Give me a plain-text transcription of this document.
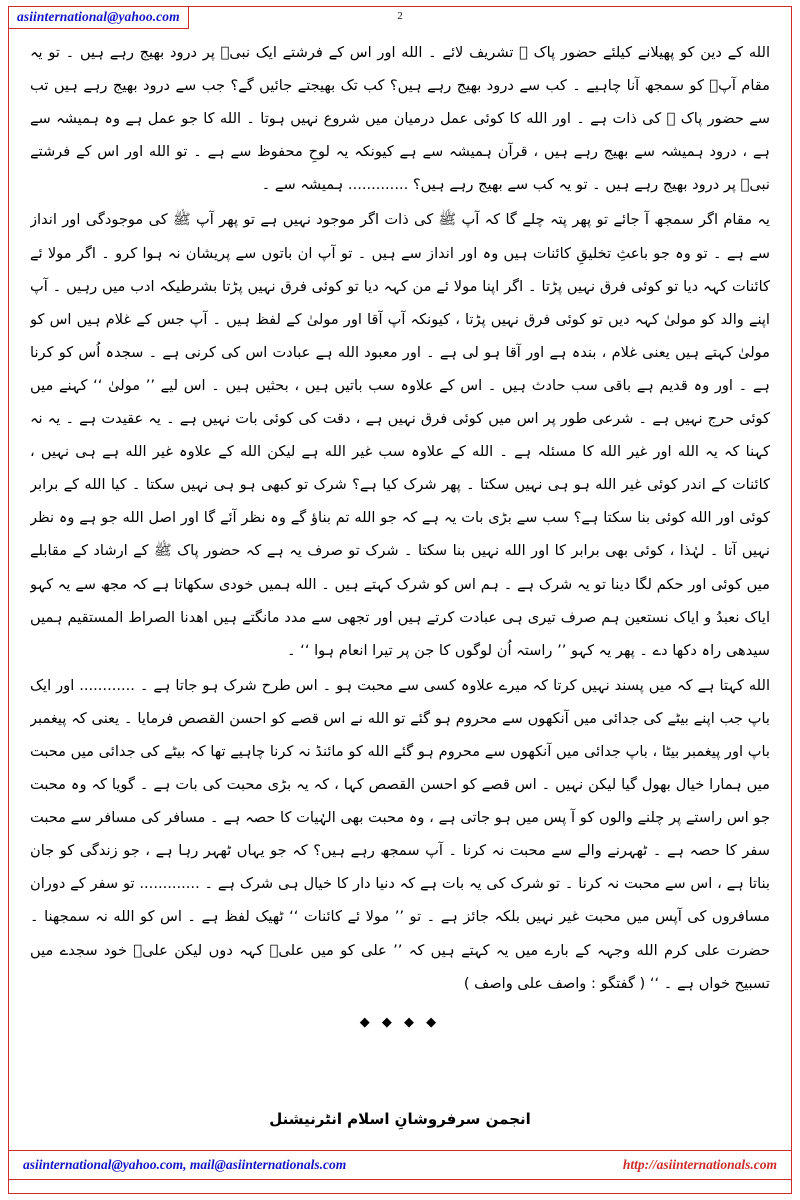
asiinternational@yahoo.com	2

الله کے دین کو پھیلانے کیلئے حضور پاک ﷺ تشریف لائے ۔ الله اور اس کے فرشتے ایک نبیؐ پر درود بھیج رہے ہیں ۔ تو یہ مقام آپؐ کو سمجھ آنا چاہیے ۔ کب سے درود بھیج رہے ہیں؟ کب تک بھیجتے جائیں گے؟ جب سے درود بھیج رہے ہیں تب سے حضور پاک ﷺ کی ذات ہے ۔ اور الله کا کوئی عمل درمیان میں شروع نہیں ہوتا ۔ الله کا جو عمل ہے وہ ہمیشہ سے ہے ، درود ہمیشہ سے بھیج رہے ہیں ، قرآن ہمیشہ سے ہے کیونکہ یہ لوحِ محفوظ سے ہے ۔ تو الله اور اس کے فرشتے نبیؐ پر درود بھیج رہے ہیں ۔ تو یہ کب سے بھیج رہے ہیں؟ ............. ہمیشہ سے ۔

یہ مقام اگر سمجھ آ جائے تو پھر پتہ چلے گا کہ آپ ﷺ کی ذات اگر موجود نہیں ہے تو پھر آپ ﷺ کی موجودگی اور انداز سے ہے ۔ تو وہ جو باعثِ تخلیقِ کائنات ہیں وہ اور انداز سے ہیں ۔ تو آپ ان باتوں سے پریشان نہ ہوا کرو ۔ اگر مولا ئے کائنات کہہ دیا تو کوئی فرق نہیں پڑتا ۔ اگر اپنا مولا ئے من کہہ دیا تو کوئی فرق نہیں پڑتا بشرطیکہ ادب میں رہیں ۔ آپ اپنے والد کو مولیٰ کہہ دیں تو کوئی فرق نہیں پڑتا ، کیونکہ آپ آقا اور مولیٰ کے لفظ ہیں ۔ آپ جس کے غلام ہیں اس کو مولیٰ کہتے ہیں یعنی غلام ، بندہ ہے اور آقا ہو لی ہے ۔ اور معبود الله ہے عبادت اس کی کرنی ہے ۔ سجدہ اُس کو کرنا ہے ۔ اور وہ قدیم ہے باقی سب حادث ہیں ۔ اس کے علاوہ سب باتیں ہیں ، بحثیں ہیں ۔ اس لیے ’’ مولیٰ ‘‘ کہنے میں کوئی حرج نہیں ہے ۔ شرعی طور پر اس میں کوئی فرق نہیں ہے ، دقت کی کوئی بات نہیں ہے ۔ یہ عقیدت ہے ۔ یہ نہ کہنا کہ یہ الله اور غیر الله کا مسئلہ ہے ۔ الله کے علاوہ سب غیر الله ہے لیکن الله کے علاوہ غیر الله ہے ہی نہیں ، کائنات کے اندر کوئی غیر الله ہو ہی نہیں سکتا ۔ پھر شرک کیا ہے؟ شرک تو کبھی ہو ہی نہیں سکتا ۔ کیا الله کے برابر کوئی اور الله کوئی بنا سکتا ہے؟ سب سے بڑی بات یہ ہے کہ جو الله تم بناؤ گے وہ نظر آئے گا اور اصل الله جو ہے وہ نظر نہیں آتا ۔ لہٰذا ، کوئی بھی برابر کا اور الله نہیں بنا سکتا ۔ شرک تو صرف یہ ہے کہ حضور پاک ﷺ کے ارشاد کے مقابلے میں کوئی اور حکم لگا دینا تو یہ شرک ہے ۔ ہم اس کو شرک کہتے ہیں ۔ الله ہمیں خودی سکھاتا ہے کہ مجھ سے یہ کہو ایاک نعبدُ و ایاک نستعین ہم صرف تیری ہی عبادت کرتے ہیں اور تجھی سے مدد مانگتے ہیں اھدنا الصراط المستقیم ہمیں سیدھی راہ دکھا دے ۔ پھر یہ کہو ’’ راستہ اُن لوگوں کا جن پر تیرا انعام ہوا ‘‘ ۔

الله کہتا ہے کہ میں پسند نہیں کرتا کہ میرے علاوہ کسی سے محبت ہو ۔ اس طرح شرک ہو جاتا ہے ۔ ............ اور ایک باپ جب اپنے بیٹے کی جدائی میں آنکھوں سے محروم ہو گئے تو الله نے اس قصے کو احسن القصص فرمایا ۔ یعنی کہ پیغمبر باپ اور پیغمبر بیٹا ، باپ جدائی میں آنکھوں سے محروم ہو گئے الله کو مائنڈ نہ کرنا چاہیے تھا کہ بیٹے کی جدائی میں محبت میں ہمارا خیال بھول گیا لیکن نہیں ۔ اس قصے کو احسن القصص کہا ، کہ یہ بڑی محبت کی بات ہے ۔ گویا کہ وہ محبت جو اس راستے پر چلنے والوں کو آ پس میں ہو جاتی ہے ، وہ محبت بھی الہٰیات کا حصہ ہے ۔ مسافر کی مسافر سے محبت سفر کا حصہ ہے ۔ ٹھہرنے والے سے محبت نہ کرنا ۔ آپ سمجھ رہے ہیں؟ کہ جو یہاں ٹھہر رہا ہے ، جو زندگی کو جان بناتا ہے ، اس سے محبت نہ کرنا ۔ تو شرک کی یہ بات ہے کہ دنیا دار کا خیال ہی شرک ہے ۔ ............. تو سفر کے دوران مسافروں کی آپس میں محبت غیر نہیں بلکہ جائز ہے ۔ تو ’’ مولا ئے کائنات ‘‘ ٹھیک لفظ ہے ۔ اس کو الله نہ سمجھنا ۔ حضرت علی کرم الله وجہہ کے بارے میں یہ کہتے ہیں کہ ’’ علی کو میں علیؓ کہہ دوں لیکن علیؓ خود سجدے میں تسبیح خواں ہے ۔ ‘‘ ( گفتگو : واصف علی واصف )

◆ ◆ ◆ ◆
انجمن سرفروشانِ اسلام انٹرنیشنل
asiinternational@yahoo.com, mail@asiinternationals.com	http://asiinternationals.com
